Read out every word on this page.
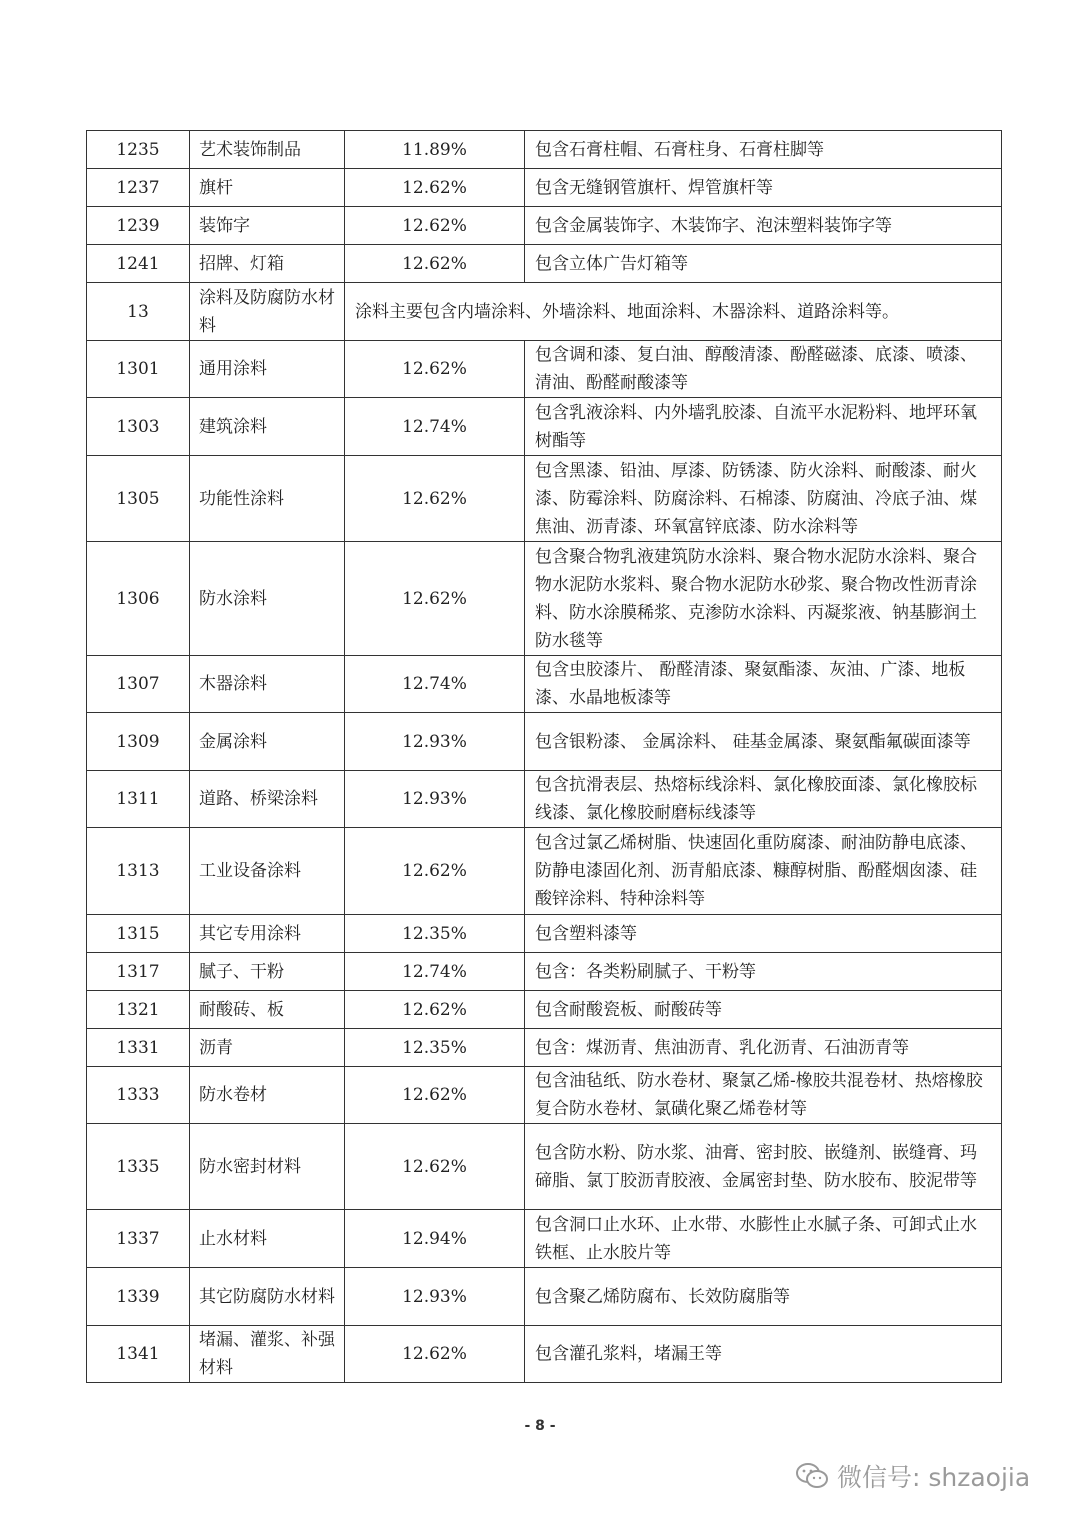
1235	艺术装饰制品	11.89%	包含石膏柱帽、石膏柱身、石膏柱脚等
1237	旗杆	12.62%	包含无缝钢管旗杆、焊管旗杆等
1239	装饰字	12.62%	包含金属装饰字、木装饰字、泡沫塑料装饰字等
1241	招牌、灯箱	12.62%	包含立体广告灯箱等
13	涂料及防腐防水材料	涂料主要包含内墙涂料、外墙涂料、地面涂料、木器涂料、道路涂料等。	
1301	通用涂料	12.62%	包含调和漆、复白油、醇酸清漆、酚醛磁漆、底漆、喷漆、清油、酚醛耐酸漆等
1303	建筑涂料	12.74%	包含乳液涂料、内外墙乳胶漆、自流平水泥粉料、地坪环氧树酯等
1305	功能性涂料	12.62%	包含黑漆、铅油、厚漆、防锈漆、防火涂料、耐酸漆、耐火漆、防霉涂料、防腐涂料、石棉漆、防腐油、冷底子油、煤焦油、沥青漆、环氧富锌底漆、防水涂料等
1306	防水涂料	12.62%	包含聚合物乳液建筑防水涂料、聚合物水泥防水涂料、聚合物水泥防水浆料、聚合物水泥防水砂浆、聚合物改性沥青涂料、防水涂膜稀浆、克渗防水涂料、丙凝浆液、钠基膨润土防水毯等
1307	木器涂料	12.74%	包含虫胶漆片、 酚醛清漆、聚氨酯漆、灰油、广漆、地板漆、水晶地板漆等
1309	金属涂料	12.93%	包含银粉漆、 金属涂料、 硅基金属漆、聚氨酯氟碳面漆等
1311	道路、桥梁涂料	12.93%	包含抗滑表层、热熔标线涂料、氯化橡胶面漆、氯化橡胶标线漆、氯化橡胶耐磨标线漆等
1313	工业设备涂料	12.62%	包含过氯乙烯树脂、快速固化重防腐漆、耐油防静电底漆、防静电漆固化剂、沥青船底漆、糠醇树脂、酚醛烟囱漆、硅酸锌涂料、特种涂料等
1315	其它专用涂料	12.35%	包含塑料漆等
1317	腻子、干粉	12.74%	包含：各类粉刷腻子、干粉等
1321	耐酸砖、板	12.62%	包含耐酸瓷板、耐酸砖等
1331	沥青	12.35%	包含：煤沥青、焦油沥青、乳化沥青、石油沥青等
1333	防水卷材	12.62%	包含油毡纸、防水卷材、聚氯乙烯-橡胶共混卷材、热熔橡胶复合防水卷材、氯磺化聚乙烯卷材等
1335	防水密封材料	12.62%	包含防水粉、防水浆、油膏、密封胶、嵌缝剂、嵌缝膏、玛碲脂、氯丁胶沥青胶液、金属密封垫、防水胶布、胶泥带等
1337	止水材料	12.94%	包含洞口止水环、止水带、水膨性止水腻子条、可卸式止水铁框、止水胶片等
1339	其它防腐防水材料	12.93%	包含聚乙烯防腐布、长效防腐脂等
1341	堵漏、灌浆、补强材料	12.62%	包含灌孔浆料，堵漏王等
- 8 -
微信号: shzaojia
